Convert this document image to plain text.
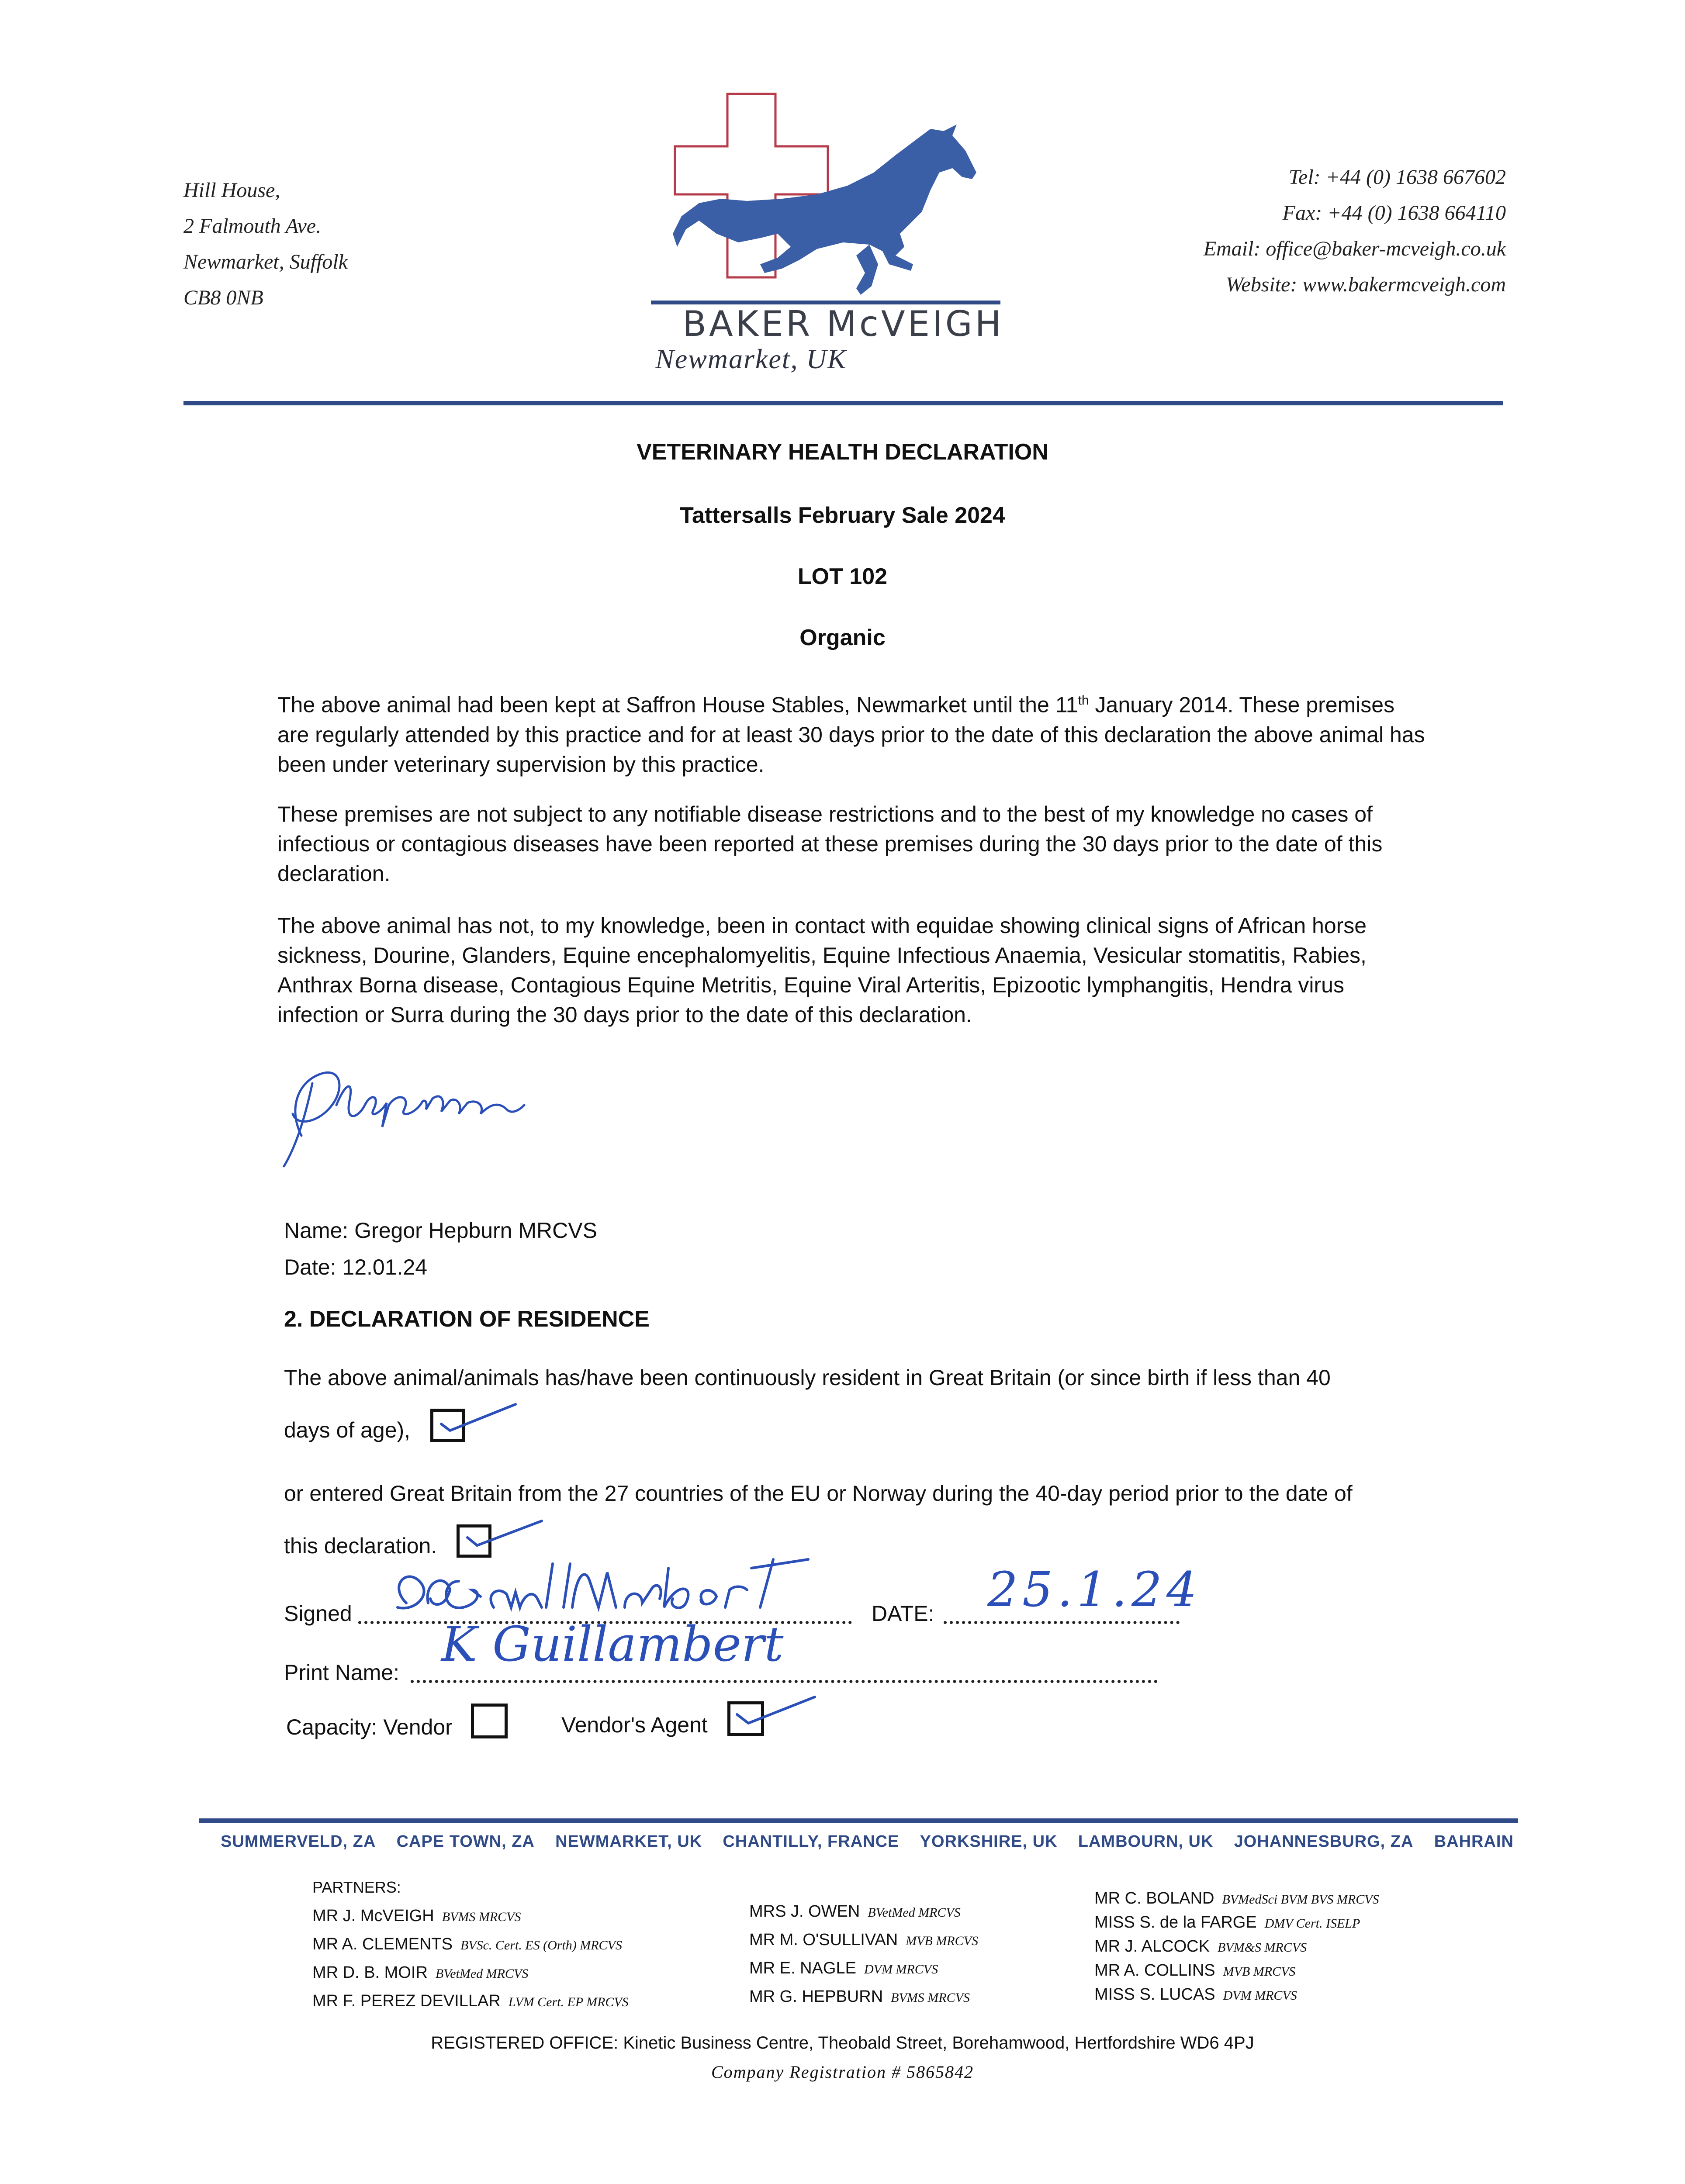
Hill House,
2 Falmouth Ave.
Newmarket, Suffolk
CB8 0NB
BAKER McVEIGH
Newmarket, UK
Tel: +44 (0) 1638 667602
Fax: +44 (0) 1638 664110
Email: office@baker-mcveigh.co.uk
Website: www.bakermcveigh.com
VETERINARY HEALTH DECLARATION
Tattersalls February Sale 2024
LOT 102
Organic

The above animal had been kept at Saffron House Stables, Newmarket until the 11th January 2014. These premises are regularly attended by this practice and for at least 30 days prior to the date of this declaration the above animal has been under veterinary supervision by this practice.

These premises are not subject to any notifiable disease restrictions and to the best of my knowledge no cases of infectious or contagious diseases have been reported at these premises during the 30 days prior to the date of this declaration.

The above animal has not, to my knowledge, been in contact with equidae showing clinical signs of African horse sickness, Dourine, Glanders, Equine encephalomyelitis, Equine Infectious Anaemia, Vesicular stomatitis, Rabies, Anthrax Borna disease, Contagious Equine Metritis, Equine Viral Arteritis, Epizootic lymphangitis, Hendra virus infection or Surra during the 30 days prior to the date of this declaration.

Name: Gregor Hepburn MRCVS
Date: 12.01.24
2. DECLARATION OF RESIDENCE
The above animal/animals has/have been continuously resident in Great Britain (or since birth if less than 40
days of age),
or entered Great Britain from the 27 countries of the EU or Norway during the 40-day period prior to the date of
this declaration.
Signed	DATE: 25.1.24
Print Name:
K Guillambert
Capacity: Vendor	Vendor's Agent
SUMMERVELD, ZA CAPE TOWN, ZA NEWMARKET, UK CHANTILLY, FRANCE YORKSHIRE, UK LAMBOURN, UK JOHANNESBURG, ZA BAHRAIN
PARTNERS:
MR J. McVEIGH BVMS MRCVS
MR A. CLEMENTS BVSc. Cert. ES (Orth) MRCVS
MR D. B. MOIR BVetMed MRCVS
MR F. PEREZ DEVILLAR LVM Cert. EP MRCVS
MRS J. OWEN BVetMed MRCVS
MR M. O'SULLIVAN MVB MRCVS
MR E. NAGLE DVM MRCVS
MR G. HEPBURN BVMS MRCVS
MR C. BOLAND BVMedSci BVM BVS MRCVS
MISS S. de la FARGE DMV Cert. ISELP
MR J. ALCOCK BVM&S MRCVS
MR A. COLLINS MVB MRCVS
MISS S. LUCAS DVM MRCVS
REGISTERED OFFICE: Kinetic Business Centre, Theobald Street, Borehamwood, Hertfordshire WD6 4PJ
Company Registration # 5865842
